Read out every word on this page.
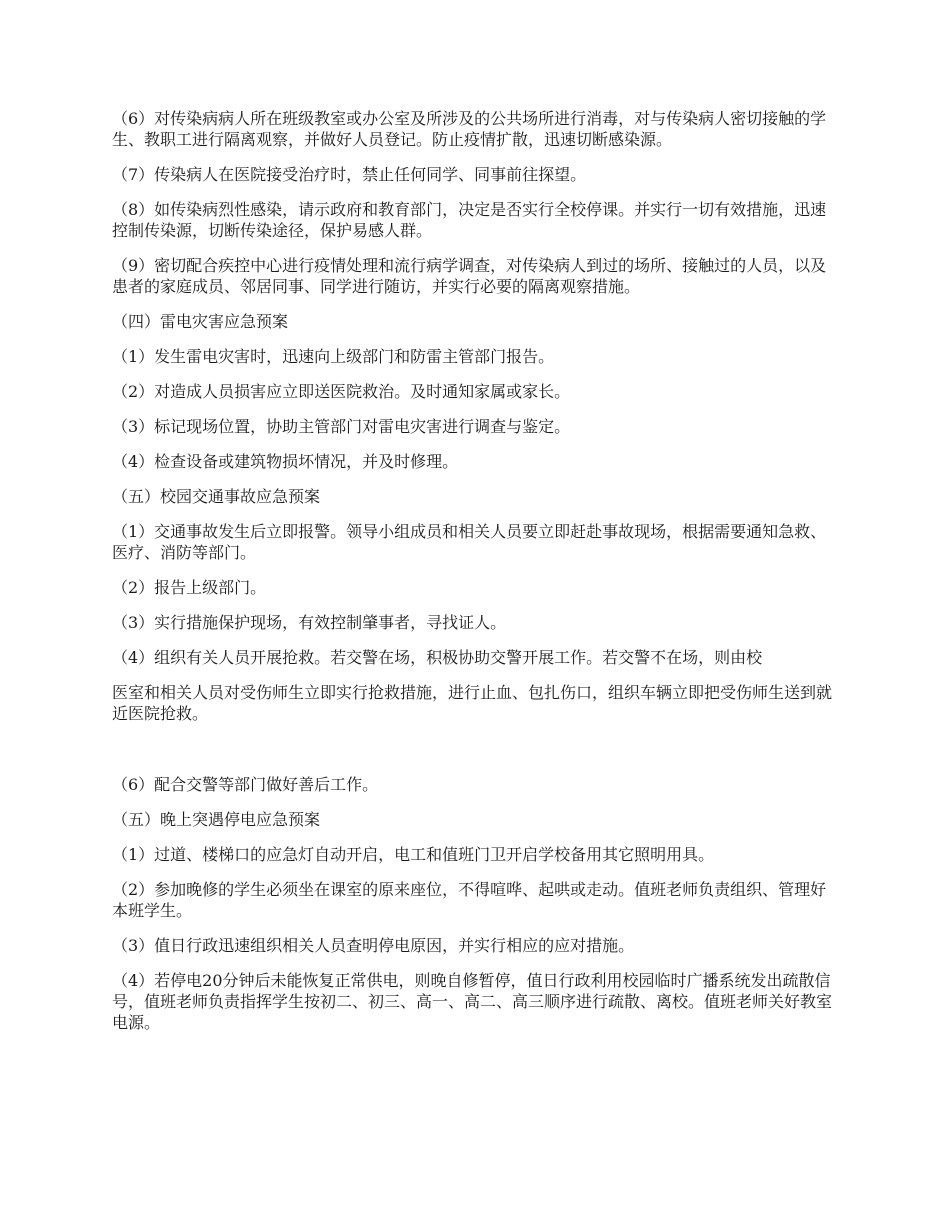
（6）对传染病病人所在班级教室或办公室及所涉及的公共场所进行消毒，对与传染病人密切接触的学生、教职工进行隔离观察，并做好人员登记。防止疫情扩散，迅速切断感染源。

（7）传染病人在医院接受治疗时，禁止任何同学、同事前往探望。

（8）如传染病烈性感染，请示政府和教育部门，决定是否实行全校停课。并实行一切有效措施，迅速控制传染源，切断传染途径，保护易感人群。

（9）密切配合疾控中心进行疫情处理和流行病学调查，对传染病人到过的场所、接触过的人员，以及患者的家庭成员、邻居同事、同学进行随访，并实行必要的隔离观察措施。

（四）雷电灾害应急预案

（1）发生雷电灾害时，迅速向上级部门和防雷主管部门报告。

（2）对造成人员损害应立即送医院救治。及时通知家属或家长。

（3）标记现场位置，协助主管部门对雷电灾害进行调查与鉴定。

（4）检查设备或建筑物损坏情况，并及时修理。

（五）校园交通事故应急预案

（1）交通事故发生后立即报警。领导小组成员和相关人员要立即赶赴事故现场，根据需要通知急救、医疗、消防等部门。

（2）报告上级部门。

（3）实行措施保护现场，有效控制肇事者，寻找证人。

（4）组织有关人员开展抢救。若交警在场，积极协助交警开展工作。若交警不在场，则由校

医室和相关人员对受伤师生立即实行抢救措施，进行止血、包扎伤口，组织车辆立即把受伤师生送到就近医院抢救。

（6）配合交警等部门做好善后工作。

（五）晚上突遇停电应急预案

（1）过道、楼梯口的应急灯自动开启，电工和值班门卫开启学校备用其它照明用具。

（2）参加晚修的学生必须坐在课室的原来座位，不得喧哗、起哄或走动。值班老师负责组织、管理好本班学生。

（3）值日行政迅速组织相关人员查明停电原因，并实行相应的应对措施。

（4）若停电20分钟后未能恢复正常供电，则晚自修暂停，值日行政利用校园临时广播系统发出疏散信号，值班老师负责指挥学生按初二、初三、高一、高二、高三顺序进行疏散、离校。值班老师关好教室电源。
